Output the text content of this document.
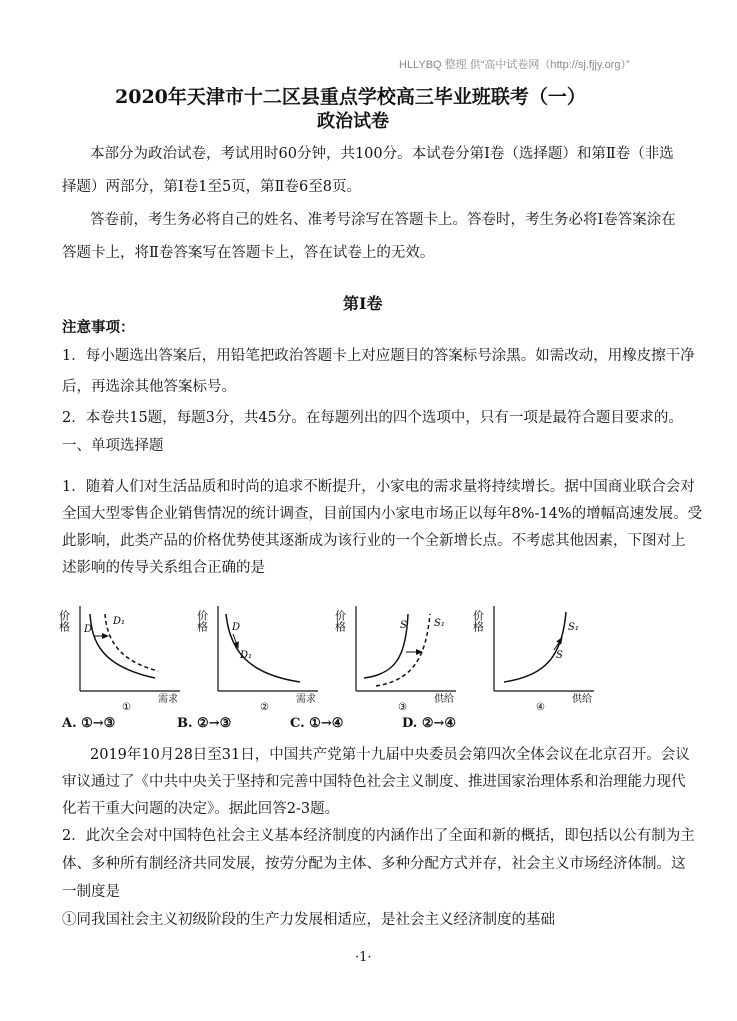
HLLYBQ 整理 供“高中试卷网（http://sj.fjjy.org）”
2020年天津市十二区县重点学校高三毕业班联考（一）
政治试卷
本部分为政治试卷，考试用时60分钟，共100分。本试卷分第Ⅰ卷（选择题）和第Ⅱ卷（非选
择题）两部分，第Ⅰ卷1至5页，第Ⅱ卷6至8页。
答卷前，考生务必将自己的姓名、准考号涂写在答题卡上。答卷时，考生务必将Ⅰ卷答案涂在
答题卡上，将Ⅱ卷答案写在答题卡上，答在试卷上的无效。
第Ⅰ卷
注意事项：
1．每小题选出答案后，用铅笔把政治答题卡上对应题目的答案标号涂黑。如需改动，用橡皮擦干净
后，再选涂其他答案标号。
2．本卷共15题，每题3分，共45分。在每题列出的四个选项中，只有一项是最符合题目要求的。
一、单项选择题
1．随着人们对生活品质和时尚的追求不断提升，小家电的需求量将持续增长。据中国商业联合会对
全国大型零售企业销售情况的统计调查，目前国内小家电市场正以每年8%-14%的增幅高速发展。受
此影响，此类产品的价格优势使其逐渐成为该行业的一个全新增长点。不考虑其他因素，下图对上
述影响的传导关系组合正确的是
价格 D
D₁
需求
①
价格 D
D₁
需求
②
价格	S	S₁
供给
③
价格
S
S₁
供给
④
A. ①→③	B. ②→③	C. ①→④	D. ②→④
2019年10月28日至31日，中国共产党第十九届中央委员会第四次全体会议在北京召开。会议
审议通过了《中共中央关于坚持和完善中国特色社会主义制度、推进国家治理体系和治理能力现代
化若干重大问题的决定》。据此回答2-3题。
2．此次全会对中国特色社会主义基本经济制度的内涵作出了全面和新的概括，即包括以公有制为主
体、多种所有制经济共同发展，按劳分配为主体、多种分配方式并存，社会主义市场经济体制。这
一制度是
①同我国社会主义初级阶段的生产力发展相适应，是社会主义经济制度的基础
·1·
